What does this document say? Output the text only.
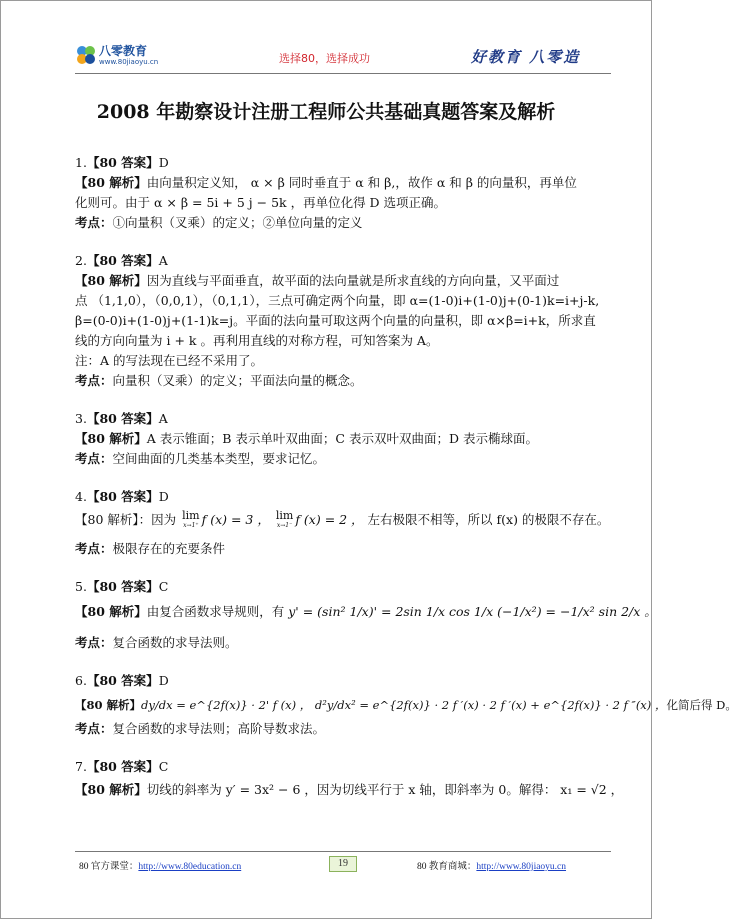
八零教育
www.80jiaoyu.cn	选择80，选择成功	好教育 八零造
2008 年勘察设计注册工程师公共基础真题答案及解析
1.【80 答案】D
【80 解析】由向量积定义知， α × β 同时垂直于 α 和 β,，故作 α 和 β 的向量积，再单位
化则可。由于 α × β = 5i + 5 j − 5k ，再单位化得 D 选项正确。
考点：①向量积（叉乘）的定义；②单位向量的定义
2.【80 答案】A
【80 解析】因为直线与平面垂直，故平面的法向量就是所求直线的方向向量，又平面过
点 （1,1,0），（0,0,1），（0,1,1），三点可确定两个向量，即 α=(1-0)i+(1-0)j+(0-1)k=i+j-k,
β=(0-0)i+(1-0)j+(1-1)k=j。平面的法向量可取这两个向量的向量积，即 α×β=i+k，所求直
线的方向向量为 i + k 。再利用直线的对称方程，可知答案为 A。
注：A 的写法现在已经不采用了。
考点：向量积（叉乘）的定义；平面法向量的概念。
3.【80 答案】A
【80 解析】A 表示锥面；B 表示单叶双曲面；C 表示双叶双曲面；D 表示椭球面。
考点：空间曲面的几类基本类型，要求记忆。
4.【80 答案】D
【80 解析】：因为 lim
x→1⁺ f (x) = 3 ， lim
x→1⁻ f (x) = 2 ， 左右极限不相等，所以 f(x) 的极限不存在。
考点：极限存在的充要条件
5.【80 答案】C
【80 解析】由复合函数求导规则，有 y' = (sin² 1/x)' = 2sin 1/x cos 1/x (−1/x²) = −1/x² sin 2/x 。
考点：复合函数的求导法则。
6.【80 答案】D
【80 解析】dy/dx = e^{2f(x)} · 2' f (x) ， d²y/dx² = e^{2f(x)} · 2 f ′(x) · 2 f ′(x) + e^{2f(x)} · 2 f ″(x) ，化简后得 D。
考点：复合函数的求导法则；高阶导数求法。
7.【80 答案】C
【80 解析】切线的斜率为 y′ = 3x² − 6 ，因为切线平行于 x 轴，即斜率为 0。解得： x₁ = √2 ，
80 官方课堂：http://www.80education.cn	19	80 教育商城：http://www.80jiaoyu.cn
